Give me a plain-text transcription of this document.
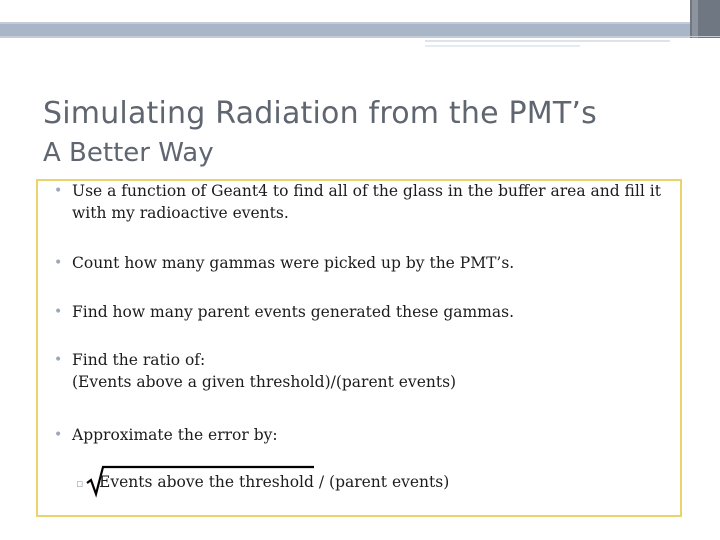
Simulating Radiation from the PMT’s
A Better Way
• Use a function of Geant4 to find all of the glass in the buffer area and fill it
with my radioactive events.
• Count how many gammas were picked up by the PMT’s.
• Find how many parent events generated these gammas.
• Find the ratio of:
(Events above a given threshold)/(parent events)
• Approximate the error by:
▫ Events above the threshold / (parent events)
